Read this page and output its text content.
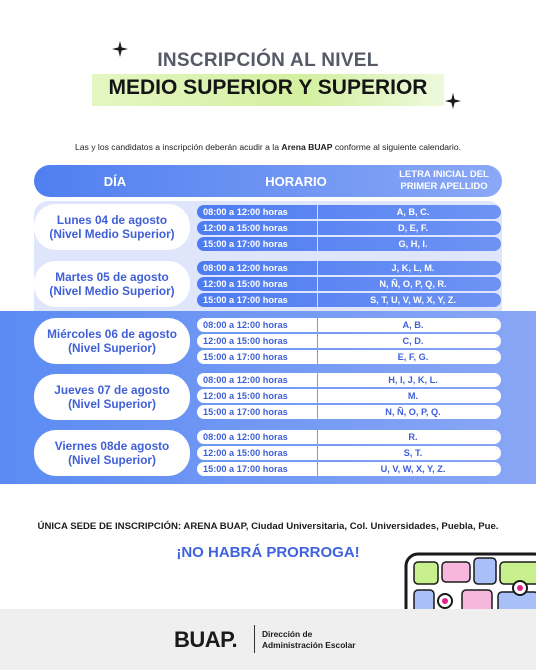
INSCRIPCIÓN AL NIVEL
MEDIO SUPERIOR Y SUPERIOR
Las y los candidatos a inscripción deberán acudir a la Arena BUAP conforme al siguiente calendario.
DÍA	HORARIO	LETRA INICIAL DEL
PRIMER APELLIDO
Lunes 04 de agosto
(Nivel Medio Superior)
08:00 a 12:00 horas	A, B, C.
12:00 a 15:00 horas	D, E, F.
15:00 a 17:00 horas	G, H, I.
Martes 05 de agosto
(Nivel Medio Superior)
08:00 a 12:00 horas	J, K, L, M.
12:00 a 15:00 horas	N, Ñ, O, P, Q, R.
15:00 a 17:00 horas	S, T, U, V, W, X, Y, Z.
Miércoles 06 de agosto
(Nivel Superior)
08:00 a 12:00 horas	A, B.
12:00 a 15:00 horas	C, D.
15:00 a 17:00 horas	E, F, G.
Jueves 07 de agosto
(Nivel Superior)
08:00 a 12:00 horas	H, I, J, K, L.
12:00 a 15:00 horas	M.
15:00 a 17:00 horas	N, Ñ, O, P, Q.
Viernes 08de agosto
(Nivel Superior)
08:00 a 12:00 horas	R.
12:00 a 15:00 horas	S, T.
15:00 a 17:00 horas	U, V, W, X, Y, Z.
ÚNICA SEDE DE INSCRIPCIÓN: ARENA BUAP, Ciudad Universitaria, Col. Universidades, Puebla, Pue.
¡NO HABRÁ PRORROGA!
BUAP.	Dirección de
Administración Escolar
